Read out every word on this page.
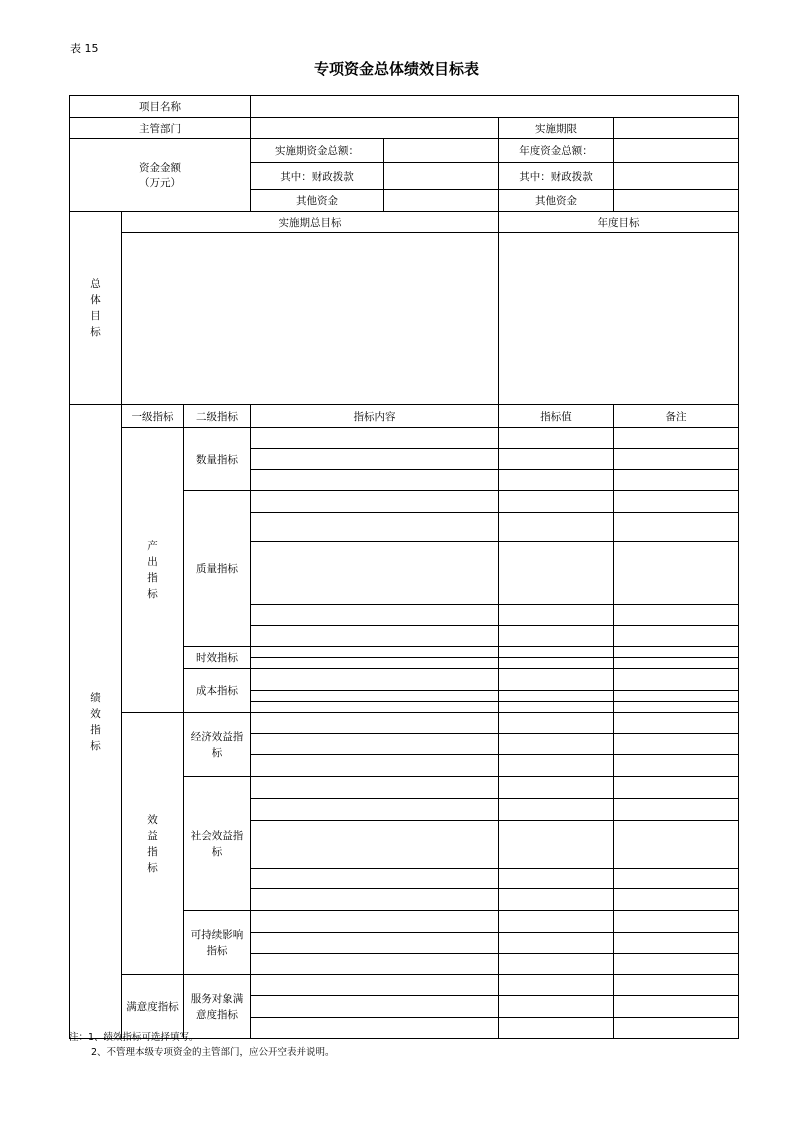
表 15
专项资金总体绩效目标表
项目名称						
主管部门					实施期限	

资金金额
（万元）			实施期资金总额：		年度资金总额：	
			其中：财政拨款		其中：财政拨款	
			其他资金		其他资金	
总体目标	实施期总目标				年度目标	

绩效指标	一级指标	二级指标	指标内容		指标值	备注
	产出指标	数量指标				

		质量指标				

		时效指标				

		成本指标				

	效益指标	经济效益指标				

		社会效益指标				

		可持续影响指标				

	满意度指标	服务对象满意度指标				

注：1、绩效指标可选择填写。
2、不管理本级专项资金的主管部门，应公开空表并说明。
